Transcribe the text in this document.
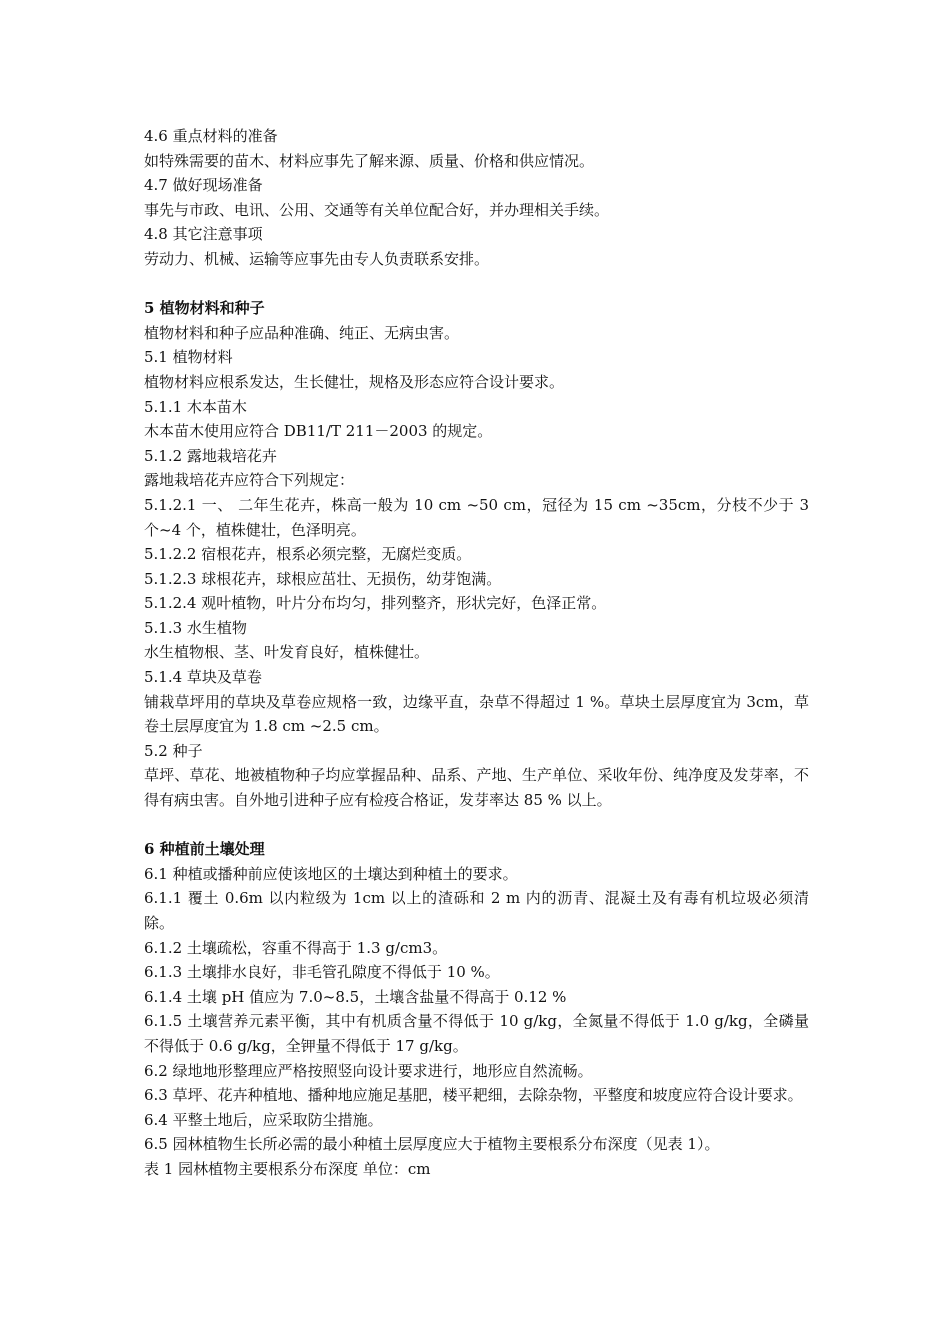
4.6 重点材料的准备

如特殊需要的苗木、材料应事先了解来源、质量、价格和供应情况。

4.7 做好现场准备

事先与市政、电讯、公用、交通等有关单位配合好，并办理相关手续。

4.8 其它注意事项

劳动力、机械、运输等应事先由专人负责联系安排。

5 植物材料和种子

植物材料和种子应品种准确、纯正、无病虫害。

5.1 植物材料

植物材料应根系发达，生长健壮，规格及形态应符合设计要求。

5.1.1 木本苗木

木本苗木使用应符合 DB11/T 211－2003 的规定。

5.1.2 露地栽培花卉

露地栽培花卉应符合下列规定：

5.1.2.1 一、 二年生花卉，株高一般为 10 cm ~50 cm，冠径为 15 cm ~35cm，分枝不少于 3 个~4 个，植株健壮，色泽明亮。

5.1.2.2 宿根花卉，根系必须完整，无腐烂变质。

5.1.2.3 球根花卉，球根应茁壮、无损伤，幼芽饱满。

5.1.2.4 观叶植物，叶片分布均匀，排列整齐，形状完好，色泽正常。

5.1.3 水生植物

水生植物根、茎、叶发育良好，植株健壮。

5.1.4 草块及草卷

铺栽草坪用的草块及草卷应规格一致，边缘平直，杂草不得超过 1 %。草块土层厚度宜为 3cm，草卷土层厚度宜为 1.8 cm ~2.5 cm。

5.2 种子

草坪、草花、地被植物种子均应掌握品种、品系、产地、生产单位、采收年份、纯净度及发芽率，不得有病虫害。自外地引进种子应有检疫合格证，发芽率达 85 % 以上。

6 种植前土壤处理

6.1 种植或播种前应使该地区的土壤达到种植土的要求。

6.1.1 覆土 0.6m 以内粒级为 1cm 以上的渣砾和 2 m 内的沥青、混凝土及有毒有机垃圾必须清除。

6.1.2 土壤疏松，容重不得高于 1.3 g/cm3。

6.1.3 土壤排水良好，非毛管孔隙度不得低于 10 %。

6.1.4 土壤 pH 值应为 7.0~8.5，土壤含盐量不得高于 0.12 %

6.1.5 土壤营养元素平衡，其中有机质含量不得低于 10 g/kg，全氮量不得低于 1.0 g/kg，全磷量不得低于 0.6 g/kg，全钾量不得低于 17 g/kg。

6.2 绿地地形整理应严格按照竖向设计要求进行，地形应自然流畅。

6.3 草坪、花卉种植地、播种地应施足基肥，楼平耙细，去除杂物，平整度和坡度应符合设计要求。

6.4 平整土地后，应采取防尘措施。

6.5 园林植物生长所必需的最小种植土层厚度应大于植物主要根系分布深度（见表 1）。

表 1 园林植物主要根系分布深度 单位：cm
